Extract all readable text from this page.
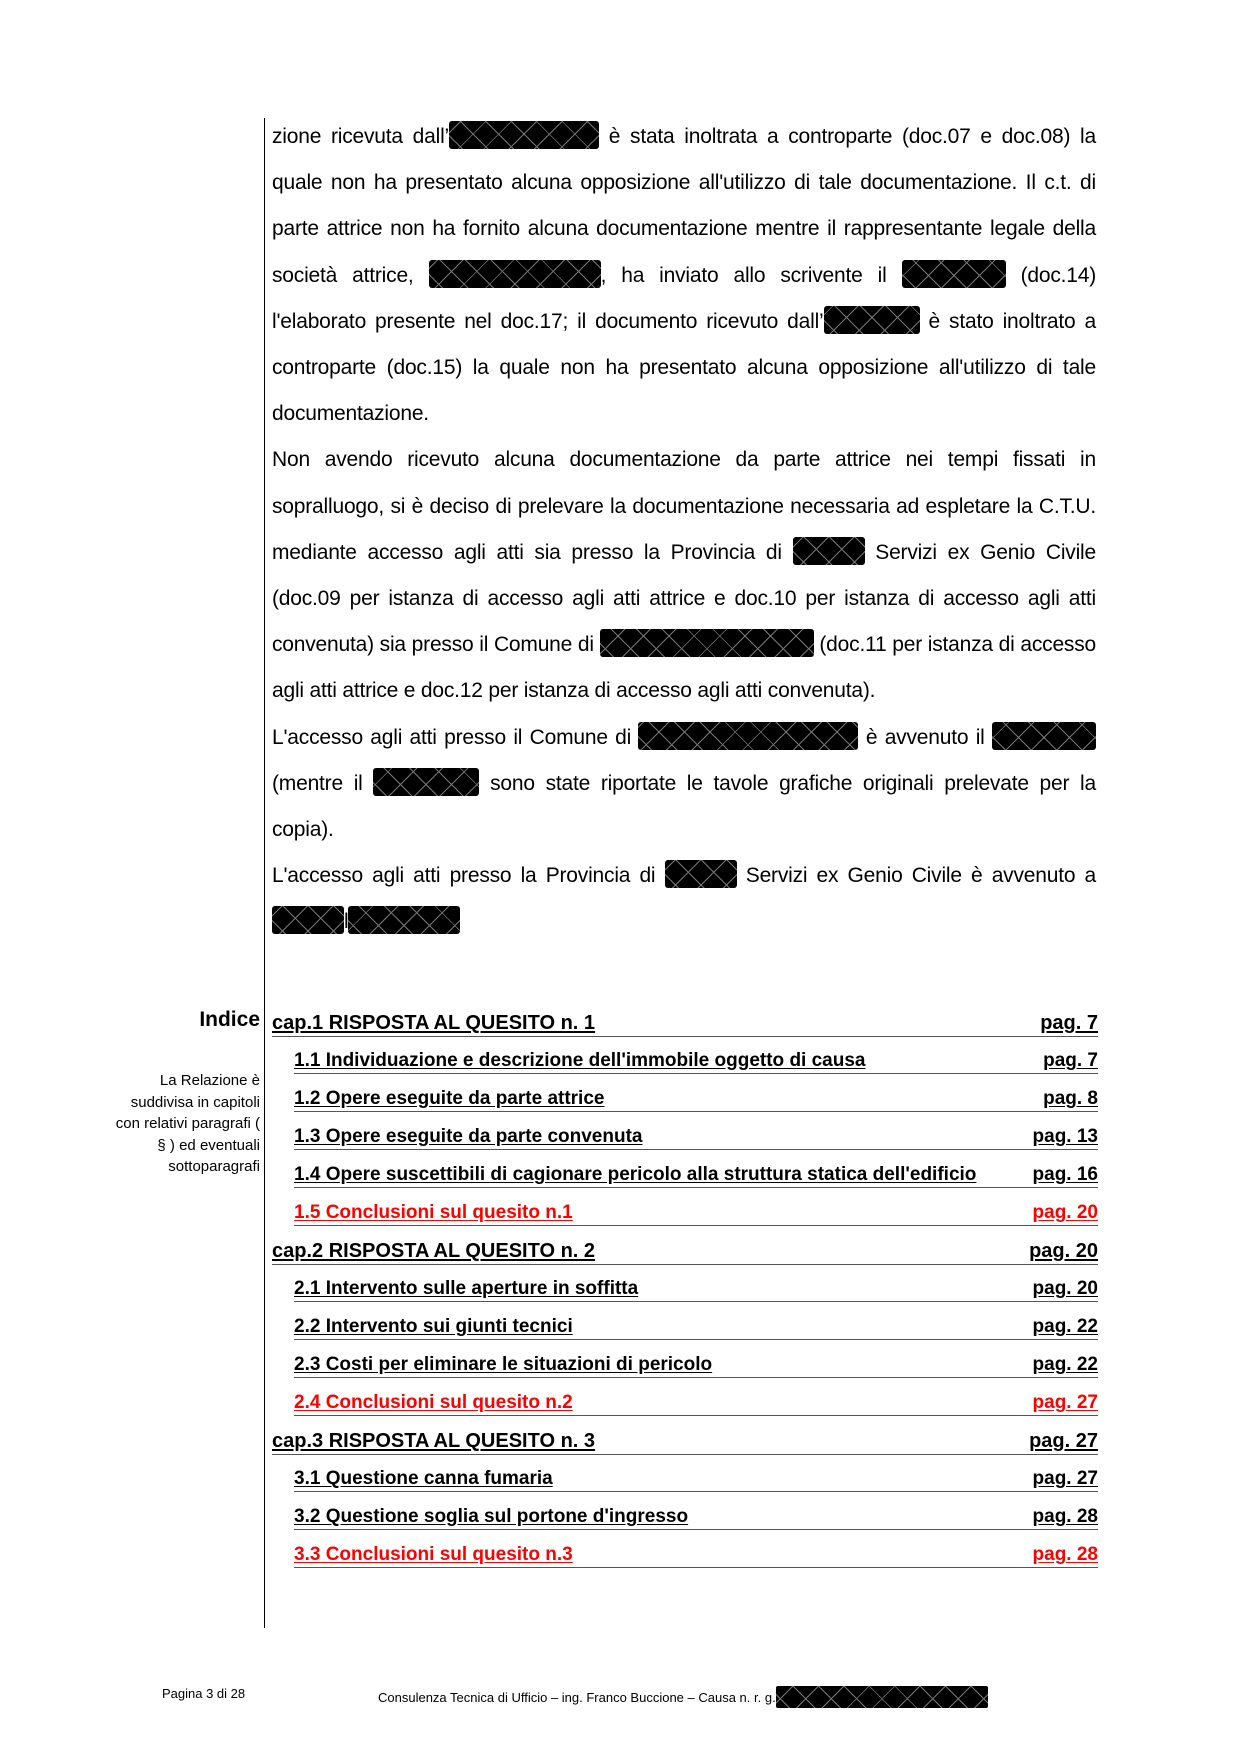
zione ricevuta dall’	è stata inoltrata a controparte (doc.07 e doc.08) la quale non ha presentato alcuna opposizione all'utilizzo di tale documentazione. Il c.t. di parte attrice non ha fornito alcuna documentazione mentre il rappresentante legale della società attrice,	, ha inviato allo scrivente il	(doc.14) l'elaborato presente nel doc.17; il documento ricevuto dall’	è stato inoltrato a controparte (doc.15) la quale non ha presentato alcuna opposizione all'utilizzo di tale documentazione.

Non avendo ricevuto alcuna documentazione da parte attrice nei tempi fissati in sopralluogo, si è deciso di prelevare la documentazione necessaria ad espletare la C.T.U. mediante accesso agli atti sia presso la Provincia di	Servizi ex Genio Civile (doc.09 per istanza di accesso agli atti attrice e doc.10 per istanza di accesso agli atti convenuta) sia presso il Comune di	(doc.11 per istanza di accesso agli atti attrice e doc.12 per istanza di accesso agli atti convenuta).

L'accesso agli atti presso il Comune di	è avvenuto il  (mentre il	sono state riportate le tavole grafiche originali prelevate per la copia).

L'accesso agli atti presso la Provincia di	Servizi ex Genio Civile è avvenuto a l

Indice
La Relazione è suddivisa in capitoli con relativi paragrafi ( § ) ed eventuali sottoparagrafi
cap.1 RISPOSTA AL QUESITO n. 1	pag. 7
1.1 Individuazione e descrizione dell'immobile oggetto di causa	pag. 7
1.2 Opere eseguite da parte attrice	pag. 8
1.3 Opere eseguite da parte convenuta	pag. 13
1.4 Opere suscettibili di cagionare pericolo alla struttura statica dell'edificio	pag. 16
1.5 Conclusioni sul quesito n.1	pag. 20
cap.2 RISPOSTA AL QUESITO n. 2	pag. 20
2.1 Intervento sulle aperture in soffitta	pag. 20
2.2 Intervento sui giunti tecnici	pag. 22
2.3 Costi per eliminare le situazioni di pericolo	pag. 22
2.4 Conclusioni sul quesito n.2	pag. 27
cap.3 RISPOSTA AL QUESITO n. 3	pag. 27
3.1 Questione canna fumaria	pag. 27
3.2 Questione soglia sul portone d'ingresso	pag. 28
3.3 Conclusioni sul quesito n.3	pag. 28
Pagina 3 di 28	Consulenza Tecnica di Ufficio – ing. Franco Buccione – Causa n. r. g.
